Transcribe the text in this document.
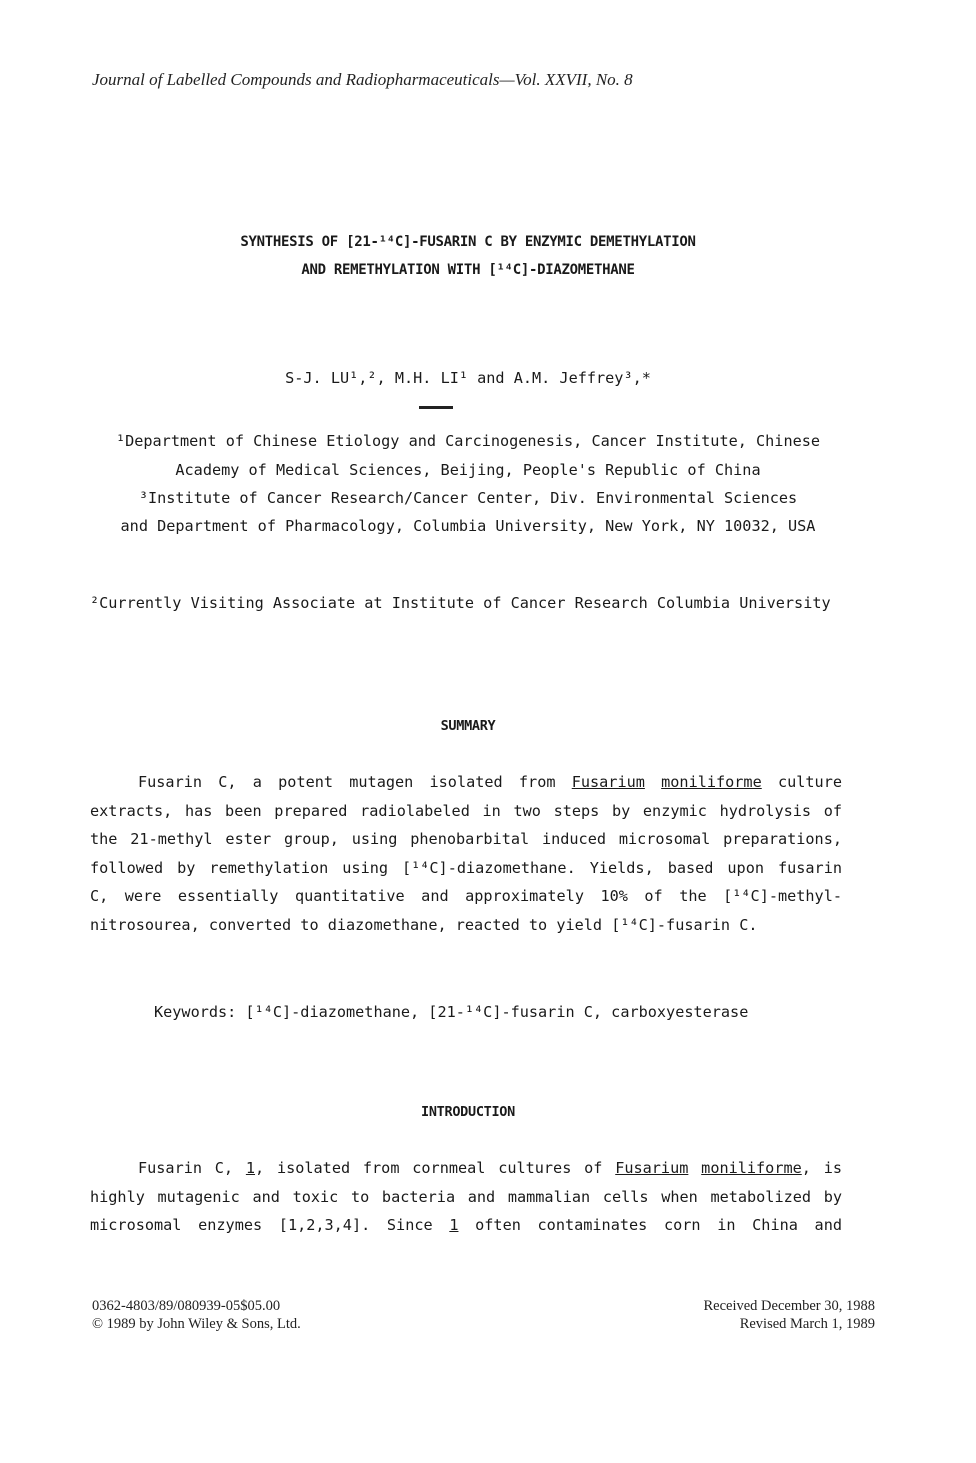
Journal of Labelled Compounds and Radiopharmaceuticals—Vol. XXVII, No. 8
SYNTHESIS OF [21-¹⁴C]-FUSARIN C BY ENZYMIC DEMETHYLATION
AND REMETHYLATION WITH [¹⁴C]-DIAZOMETHANE
S-J. LU¹,², M.H. LI¹ and A.M. Jeffrey³,*
¹Department of Chinese Etiology and Carcinogenesis, Cancer Institute, Chinese
Academy of Medical Sciences, Beijing, People's Republic of China
³Institute of Cancer Research/Cancer Center, Div. Environmental Sciences
and Department of Pharmacology, Columbia University, New York, NY 10032, USA
²Currently Visiting Associate at Institute of Cancer Research Columbia University
SUMMARY
Fusarin C, a potent mutagen isolated from Fusarium moniliforme culture
extracts, has been prepared radiolabeled in two steps by enzymic hydrolysis of
the 21-methyl ester group, using phenobarbital induced microsomal preparations,
followed by remethylation using [¹⁴C]-diazomethane. Yields, based upon fusarin
C, were essentially quantitative and approximately 10% of the [¹⁴C]-methyl-
nitrosourea, converted to diazomethane, reacted to yield [¹⁴C]-fusarin C.
Keywords: [¹⁴C]-diazomethane, [21-¹⁴C]-fusarin C, carboxyesterase
INTRODUCTION
Fusarin C, 1, isolated from cornmeal cultures of Fusarium moniliforme, is
highly mutagenic and toxic to bacteria and mammalian cells when metabolized by
microsomal enzymes [1,2,3,4]. Since 1 often contaminates corn in China and
0362-4803/89/080939-05$05.00
© 1989 by John Wiley & Sons, Ltd.
Received December 30, 1988
Revised March 1, 1989
